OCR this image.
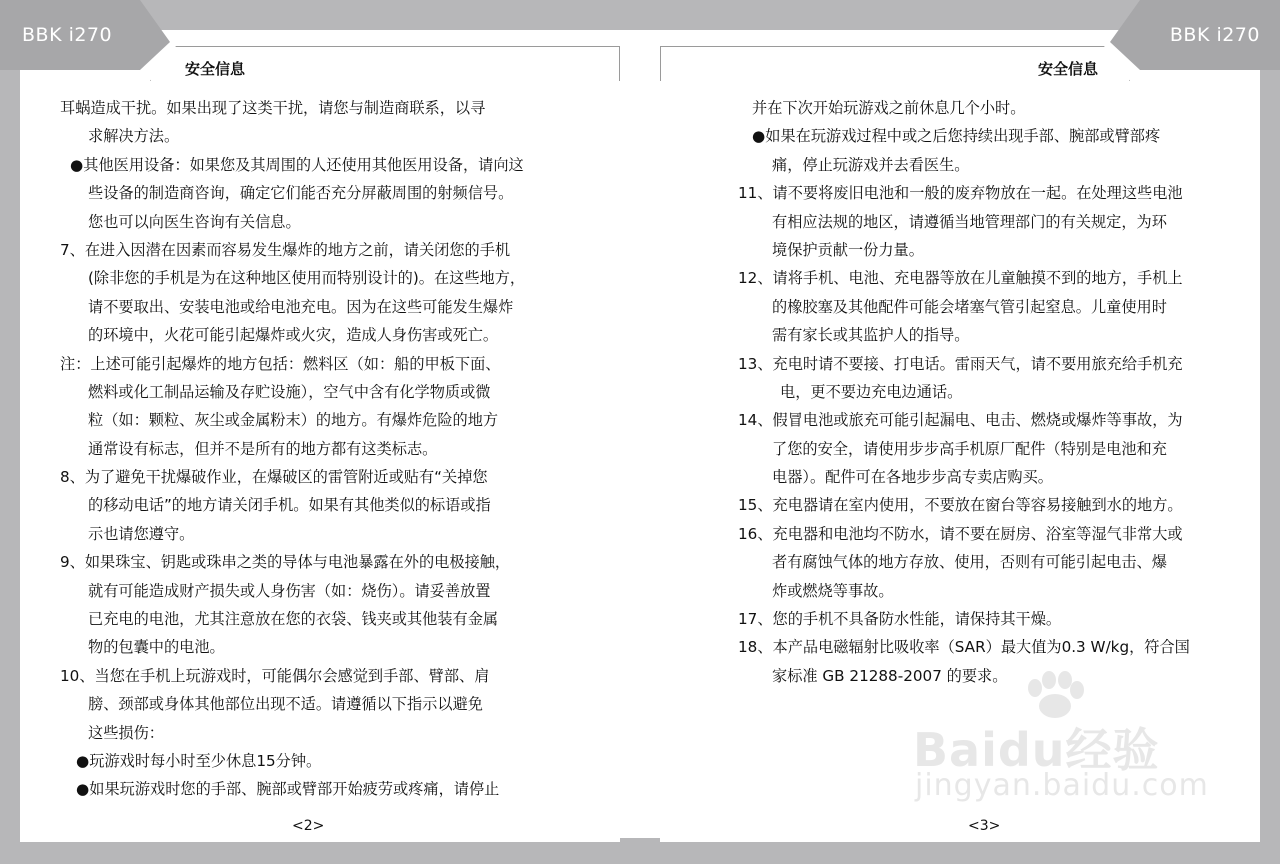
BBK i270	BBK i270
安全信息	安全信息
耳蜗造成干扰。如果出现了这类干扰，请您与制造商联系，以寻
求解决方法。
●其他医用设备：如果您及其周围的人还使用其他医用设备，请向这
些设备的制造商咨询，确定它们能否充分屏蔽周围的射频信号。
您也可以向医生咨询有关信息。
7、在进入因潜在因素而容易发生爆炸的地方之前，请关闭您的手机
(除非您的手机是为在这种地区使用而特别设计的)。在这些地方，
请不要取出、安装电池或给电池充电。因为在这些可能发生爆炸
的环境中，火花可能引起爆炸或火灾，造成人身伤害或死亡。
注：上述可能引起爆炸的地方包括：燃料区（如：船的甲板下面、
燃料或化工制品运输及存贮设施），空气中含有化学物质或微
粒（如：颗粒、灰尘或金属粉末）的地方。有爆炸危险的地方
通常设有标志，但并不是所有的地方都有这类标志。
8、为了避免干扰爆破作业，在爆破区的雷管附近或贴有“关掉您
的移动电话”的地方请关闭手机。如果有其他类似的标语或指
示也请您遵守。
9、如果珠宝、钥匙或珠串之类的导体与电池暴露在外的电极接触，
就有可能造成财产损失或人身伤害（如：烧伤）。请妥善放置
已充电的电池，尤其注意放在您的衣袋、钱夹或其他装有金属
物的包囊中的电池。
10、当您在手机上玩游戏时，可能偶尔会感觉到手部、臂部、肩
膀、颈部或身体其他部位出现不适。请遵循以下指示以避免
这些损伤：
●玩游戏时每小时至少休息15分钟。
●如果玩游戏时您的手部、腕部或臂部开始疲劳或疼痛，请停止
并在下次开始玩游戏之前休息几个小时。
●如果在玩游戏过程中或之后您持续出现手部、腕部或臂部疼
痛，停止玩游戏并去看医生。
11、请不要将废旧电池和一般的废弃物放在一起。在处理这些电池
有相应法规的地区，请遵循当地管理部门的有关规定，为环
境保护贡献一份力量。
12、请将手机、电池、充电器等放在儿童触摸不到的地方，手机上
的橡胶塞及其他配件可能会堵塞气管引起窒息。儿童使用时
需有家长或其监护人的指导。
13、充电时请不要接、打电话。雷雨天气，请不要用旅充给手机充
电，更不要边充电边通话。
14、假冒电池或旅充可能引起漏电、电击、燃烧或爆炸等事故，为
了您的安全，请使用步步高手机原厂配件（特别是电池和充
电器）。配件可在各地步步高专卖店购买。
15、充电器请在室内使用，不要放在窗台等容易接触到水的地方。
16、充电器和电池均不防水，请不要在厨房、浴室等湿气非常大或
者有腐蚀气体的地方存放、使用，否则有可能引起电击、爆
炸或燃烧等事故。
17、您的手机不具备防水性能，请保持其干燥。
18、本产品电磁辐射比吸收率（SAR）最大值为0.3 W/kg，符合国
家标准 GB 21288-2007 的要求。
<2>	<3>
Baidu经验
jingyan.baidu.com
